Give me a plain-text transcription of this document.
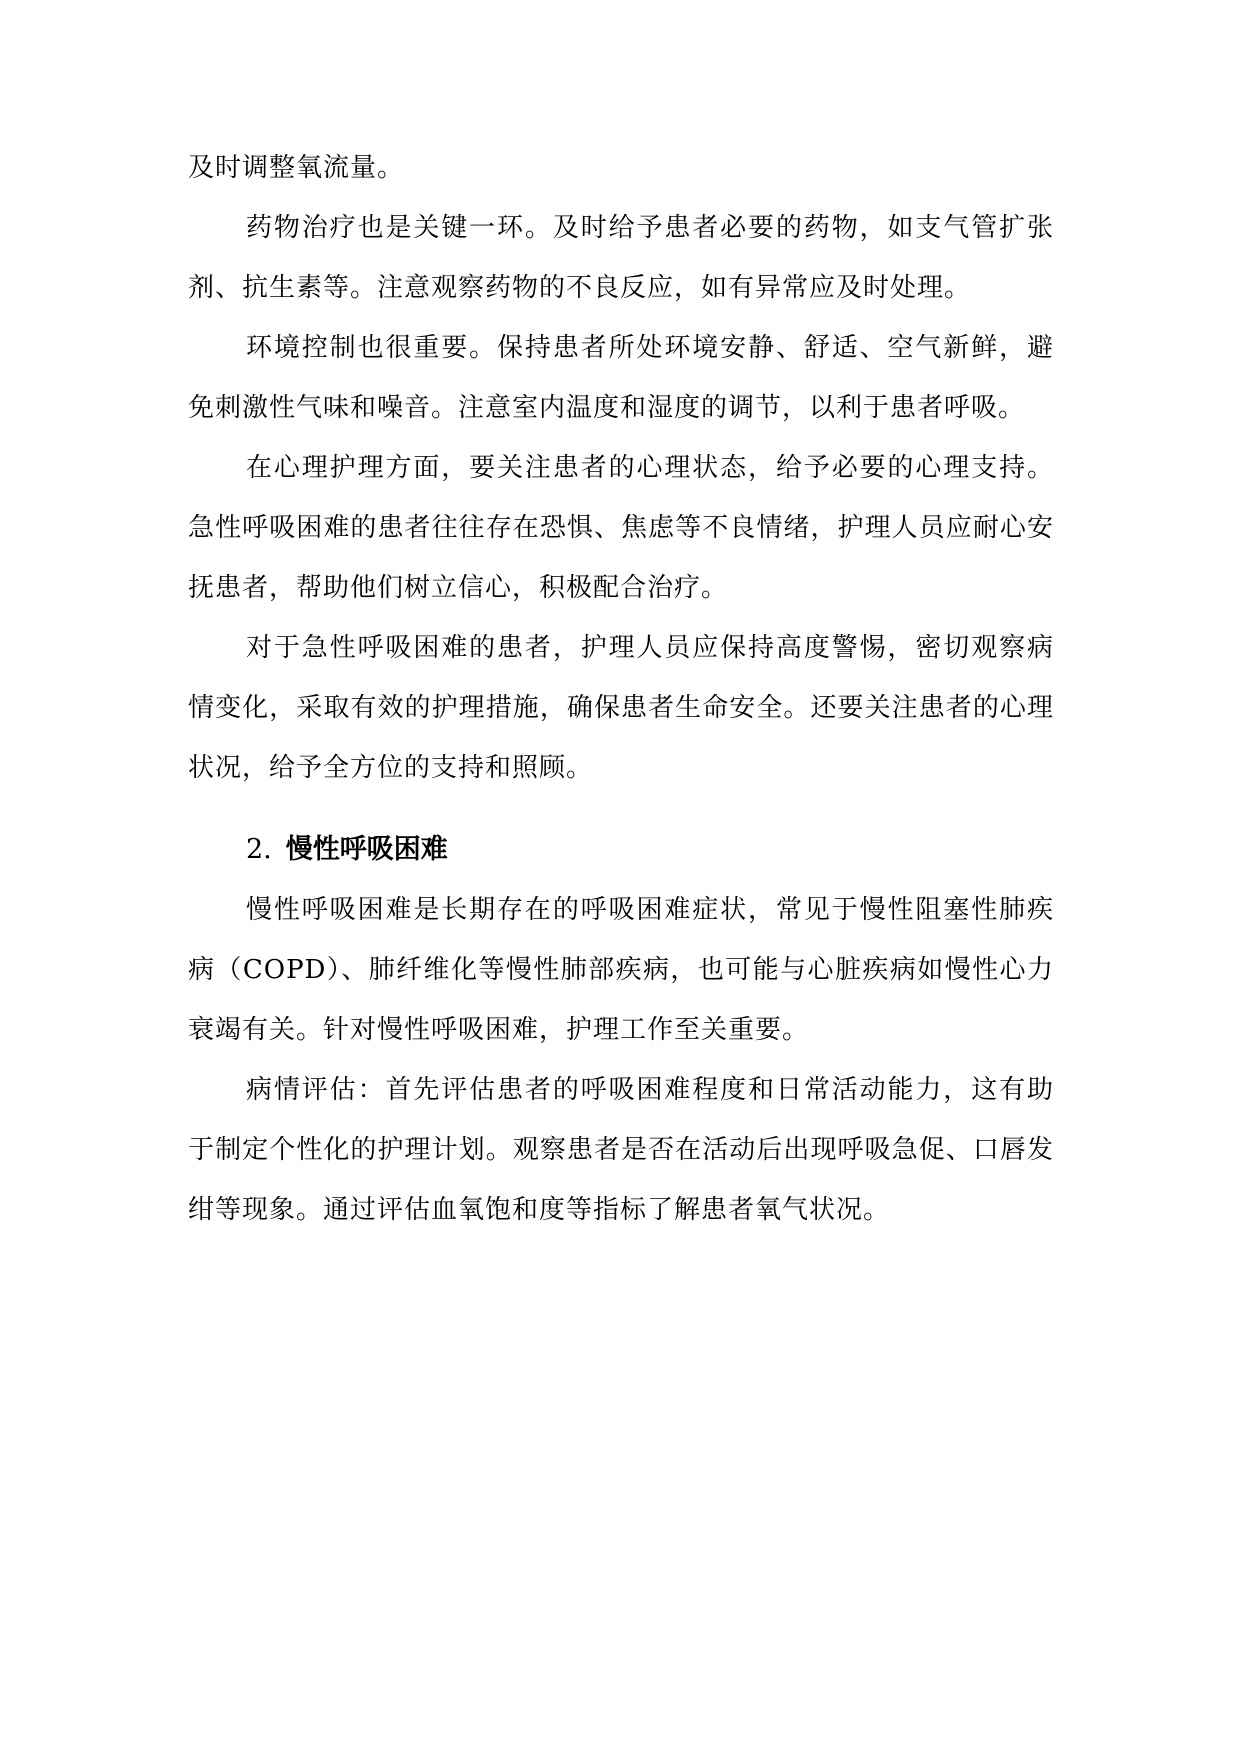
及时调整氧流量。

药物治疗也是关键一环。及时给予患者必要的药物，如支气管扩张剂、抗生素等。注意观察药物的不良反应，如有异常应及时处理。

环境控制也很重要。保持患者所处环境安静、舒适、空气新鲜，避免刺激性气味和噪音。注意室内温度和湿度的调节，以利于患者呼吸。

在心理护理方面，要关注患者的心理状态，给予必要的心理支持。急性呼吸困难的患者往往存在恐惧、焦虑等不良情绪，护理人员应耐心安抚患者，帮助他们树立信心，积极配合治疗。

对于急性呼吸困难的患者，护理人员应保持高度警惕，密切观察病情变化，采取有效的护理措施，确保患者生命安全。还要关注患者的心理状况，给予全方位的支持和照顾。

2. 慢性呼吸困难

慢性呼吸困难是长期存在的呼吸困难症状，常见于慢性阻塞性肺疾病（COPD）、肺纤维化等慢性肺部疾病，也可能与心脏疾病如慢性心力衰竭有关。针对慢性呼吸困难，护理工作至关重要。

病情评估：首先评估患者的呼吸困难程度和日常活动能力，这有助于制定个性化的护理计划。观察患者是否在活动后出现呼吸急促、口唇发绀等现象。通过评估血氧饱和度等指标了解患者氧气状况。
